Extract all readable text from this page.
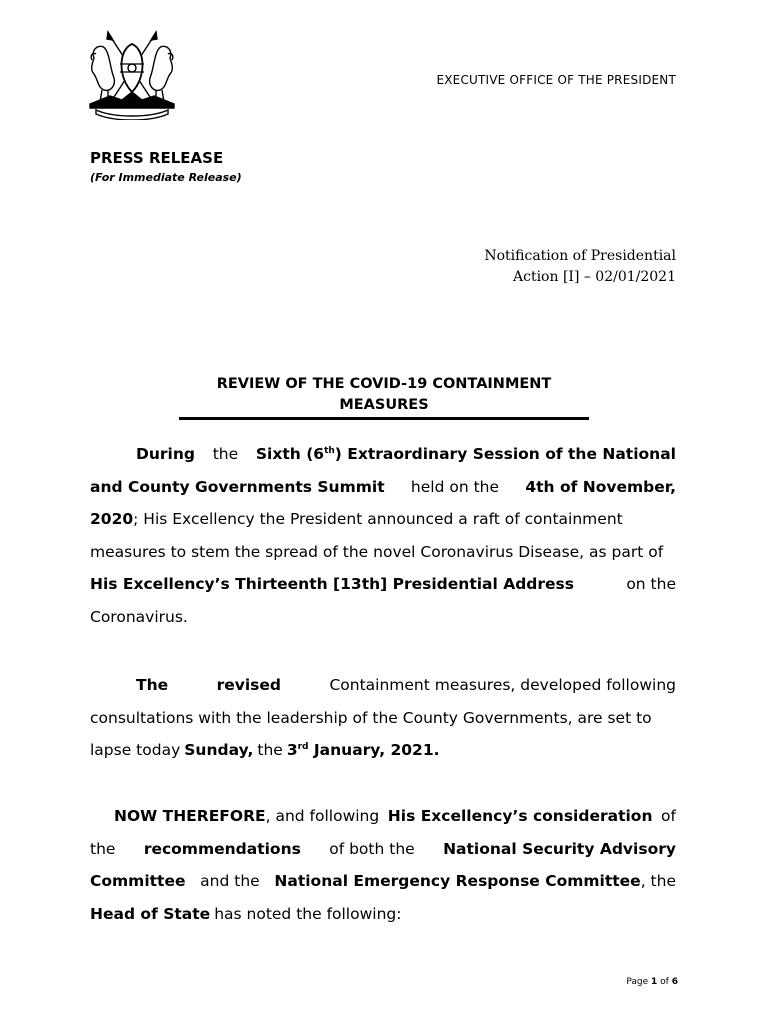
EXECUTIVE OFFICE OF THE PRESIDENT
PRESS RELEASE
(For Immediate Release)
Notification of Presidential
Action [I] – 02/01/2021
REVIEW OF THE COVID-19 CONTAINMENT
MEASURES
During the Sixth (6th) Extraordinary Session of the National
and County Governments Summit held on the 4th of November,
2020; His Excellency the President announced a raft of containment
measures to stem the spread of the novel Coronavirus Disease, as part of
His Excellency’s Thirteenth [13th] Presidential Address	on the
Coronavirus.
The	revised	Containment measures, developed following
consultations with the leadership of the County Governments, are set to
lapse today Sunday, the 3rd January, 2021.
NOW THEREFORE, and following His Excellency’s consideration of
the recommendations of both the National Security Advisory
Committee and the National Emergency Response Committee, the
Head of State has noted the following:
Page 1 of 6
